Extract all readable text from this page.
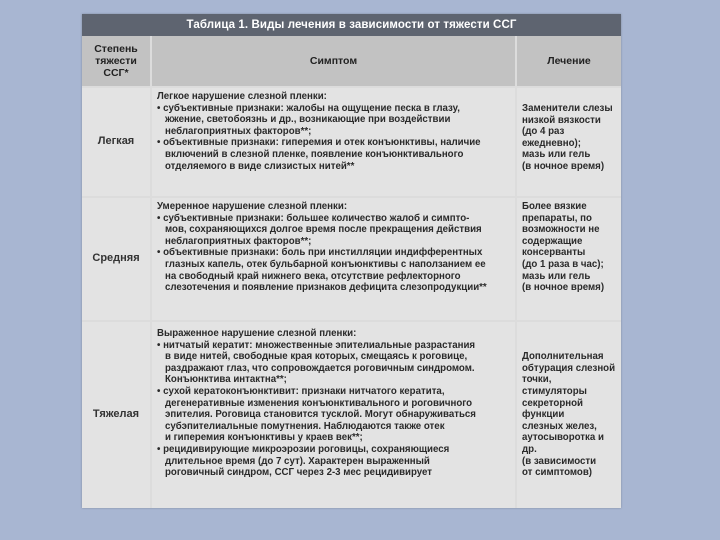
Таблица 1. Виды лечения в зависимости от тяжести ССГ
Степень
тяжести ССГ*
Симптом	Лечение
Легкая
Легкое нарушение слезной пленки:
• субъективные признаки: жалобы на ощущение песка в глазу,
жжение, светобоязнь и др., возникающие при воздействии
неблагоприятных факторов**;
• объективные признаки: гиперемия и отек конъюнктивы, наличие
включений в слезной пленке, появление конъюнктивального
отделяемого в виде слизистых нитей**

Заменители слезы
низкой вязкости
(до 4 раз ежедневно);
мазь или гель
(в ночное время)

Средняя
Умеренное нарушение слезной пленки:
• субъективные признаки: большее количество жалоб и симпто-
мов, сохраняющихся долгое время после прекращения действия
неблагоприятных факторов**;
• объективные признаки: боль при инстилляции индифферентных
глазных капель, отек бульбарной конъюнктивы с наползанием ее
на свободный край нижнего века, отсутствие рефлекторного
слезотечения и появление признаков дефицита слезопродукции**

Более вязкие
препараты, по
возможности не
содержащие
консерванты
(до 1 раза в час);
мазь или гель
(в ночное время)

Тяжелая
Выраженное нарушение слезной пленки:
• нитчатый кератит: множественные эпителиальные разрастания
в виде нитей, свободные края которых, смещаясь к роговице,
раздражают глаз, что сопровождается роговичным синдромом.
Конъюнктива интактна**;
• сухой кератоконъюнктивит: признаки нитчатого кератита,
дегенеративные изменения конъюнктивального и роговичного
эпителия. Роговица становится тусклой. Могут обнаруживаться
субэпителиальные помутнения. Наблюдаются также отек
и гиперемия конъюнктивы у краев век**;
• рецидивирующие микроэрозии роговицы, сохраняющиеся
длительное время (до 7 сут). Характерен выраженный
роговичный синдром, ССГ через 2-3 мес рецидивирует

Дополнительная
обтурация слезной
точки, стимуляторы
секреторной функции
слезных желез,
аутосыворотка и др.
(в зависимости
от симптомов)
